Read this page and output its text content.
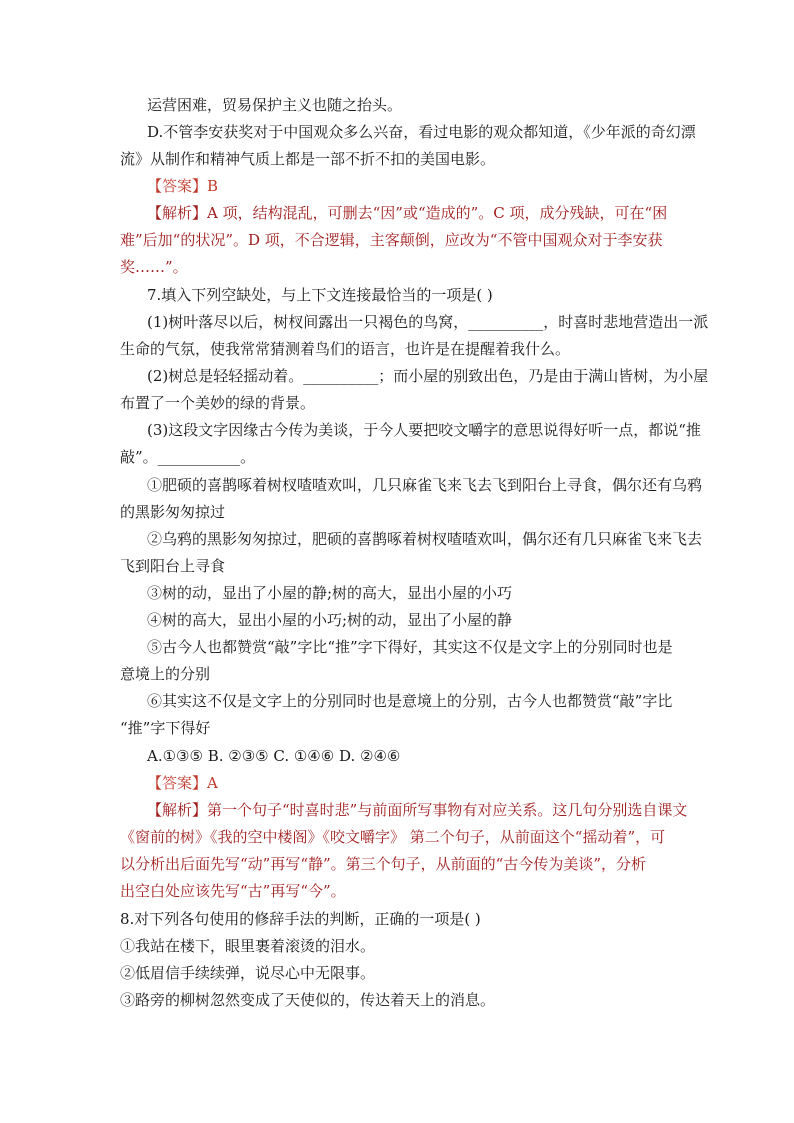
运营困难，贸易保护主义也随之抬头。
D.不管李安获奖对于中国观众多么兴奋，看过电影的观众都知道，《少年派的奇幻漂
流》从制作和精神气质上都是一部不折不扣的美国电影。
【答案】B
【解析】A 项，结构混乱，可删去“因”或“造成的”。C 项，成分残缺，可在“困
难”后加“的状况”。D 项，不合逻辑，主客颠倒，应改为“不管中国观众对于李安获
奖……”。
7.填入下列空缺处，与上下文连接最恰当的一项是( )
(1)树叶落尽以后，树杈间露出一只褐色的鸟窝，__________，时喜时悲地营造出一派
生命的气氛，使我常常猜测着鸟们的语言，也许是在提醒着我什么。
(2)树总是轻轻摇动着。__________；而小屋的别致出色，乃是由于满山皆树，为小屋
布置了一个美妙的绿的背景。
(3)这段文字因缘古今传为美谈，于今人要把咬文嚼字的意思说得好听一点，都说“推
敲”。___________。
①肥硕的喜鹊啄着树杈喳喳欢叫，几只麻雀飞来飞去飞到阳台上寻食，偶尔还有乌鸦
的黑影匆匆掠过
②乌鸦的黑影匆匆掠过，肥硕的喜鹊啄着树杈喳喳欢叫，偶尔还有几只麻雀飞来飞去
飞到阳台上寻食
③树的动，显出了小屋的静;树的高大，显出小屋的小巧
④树的高大，显出小屋的小巧;树的动，显出了小屋的静
⑤古今人也都赞赏“敲”字比“推”字下得好，其实这不仅是文字上的分别同时也是
意境上的分别
⑥其实这不仅是文字上的分别同时也是意境上的分别，古今人也都赞赏“敲”字比
“推”字下得好
A.①③⑤ B. ②③⑤ C. ①④⑥ D. ②④⑥
【答案】A
【解析】第一个句子“时喜时悲”与前面所写事物有对应关系。这几句分别选自课文
《窗前的树》《我的空中楼阁》《咬文嚼字》 第二个句子，从前面这个“摇动着”，可
以分析出后面先写“动”再写“静”。第三个句子，从前面的“古今传为美谈”，分析
出空白处应该先写“古”再写“今”。
8.对下列各句使用的修辞手法的判断，正确的一项是( )
①我站在楼下，眼里裹着滚烫的泪水。
②低眉信手续续弹，说尽心中无限事。
③路旁的柳树忽然变成了天使似的，传达着天上的消息。
